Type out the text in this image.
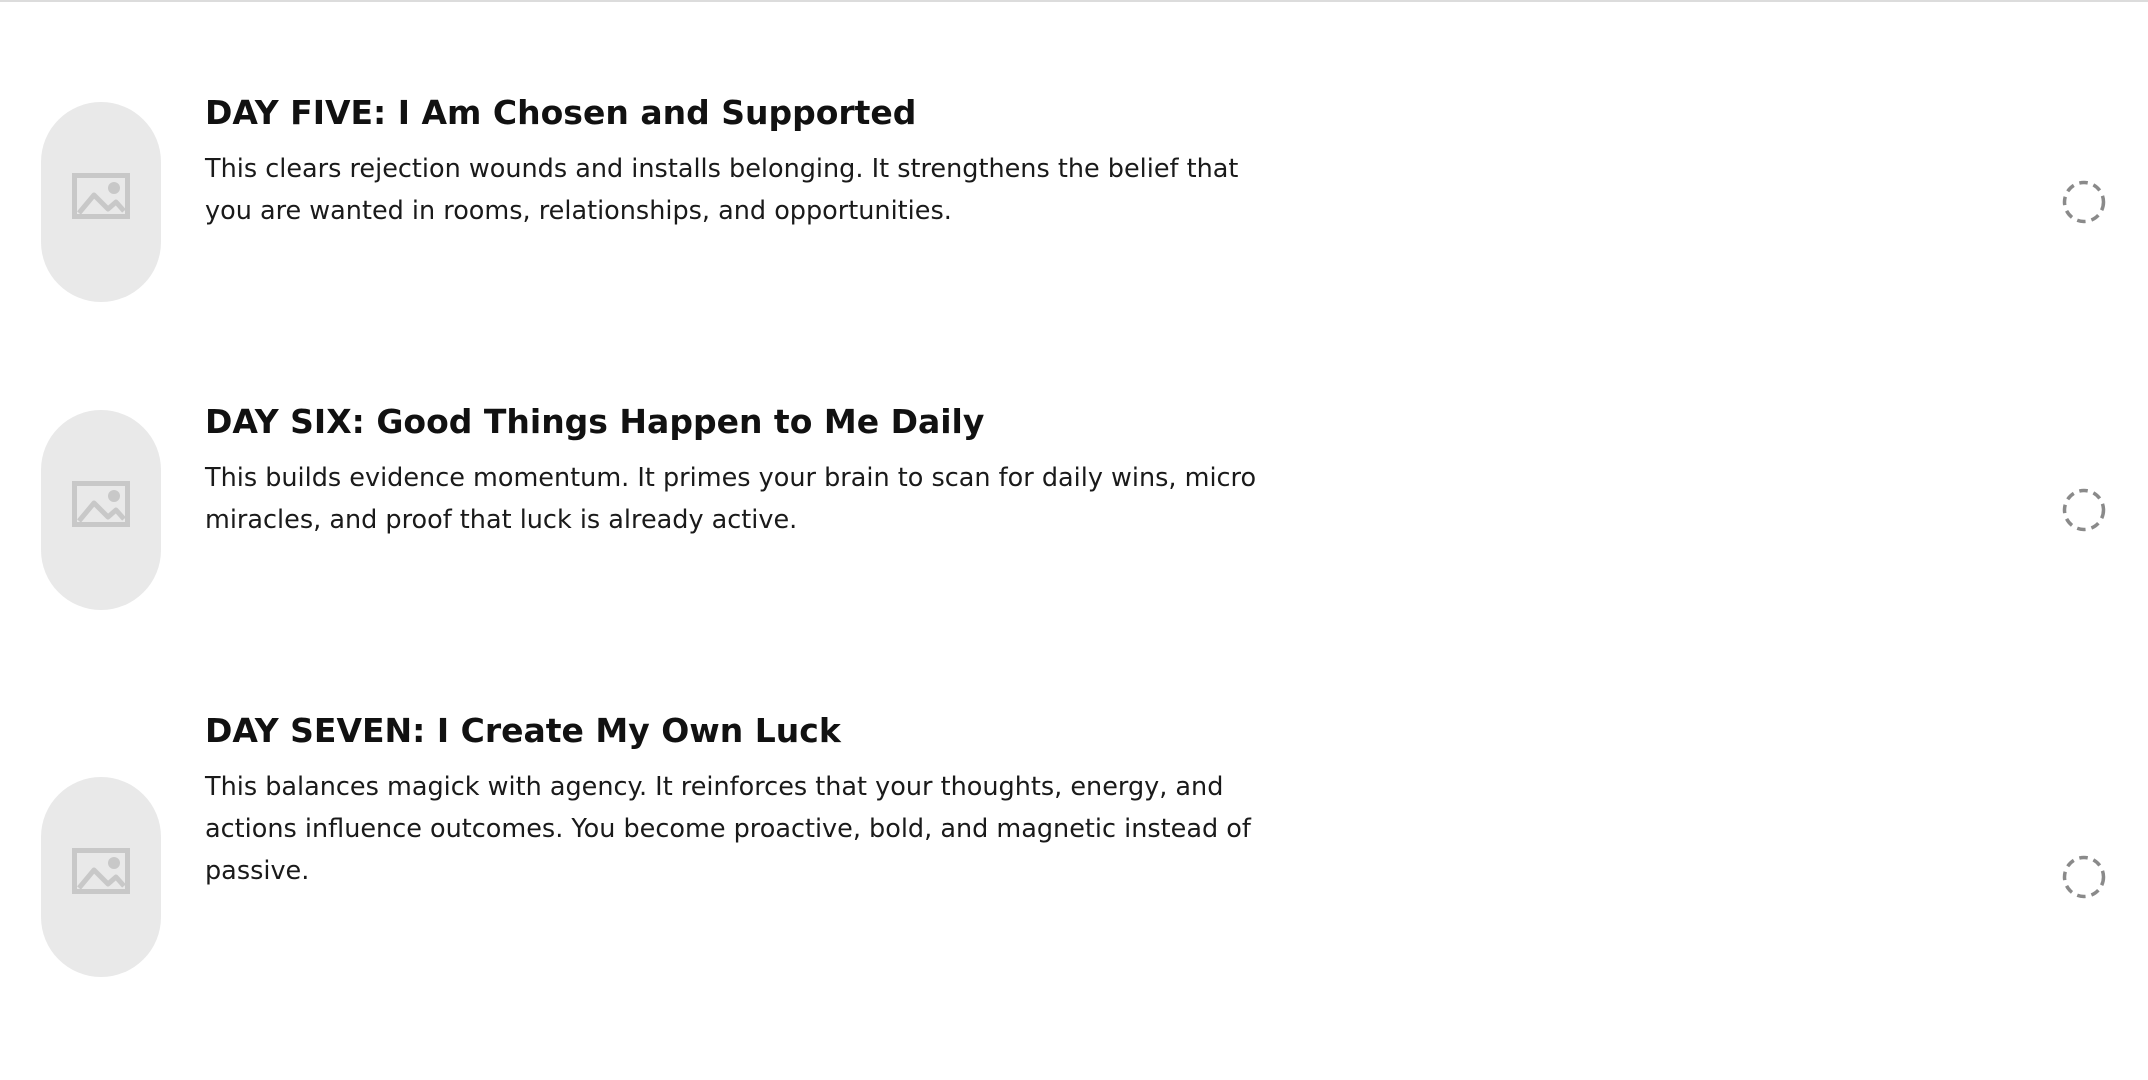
DAY FIVE: I Am Chosen and Supported

This clears rejection wounds and installs belonging. It strengthens the belief that you are wanted in rooms, relationships, and opportunities.

DAY SIX: Good Things Happen to Me Daily

This builds evidence momentum. It primes your brain to scan for daily wins, micro miracles, and proof that luck is already active.

DAY SEVEN: I Create My Own Luck

This balances magick with agency. It reinforces that your thoughts, energy, and actions influence outcomes. You become proactive, bold, and magnetic instead of passive.
